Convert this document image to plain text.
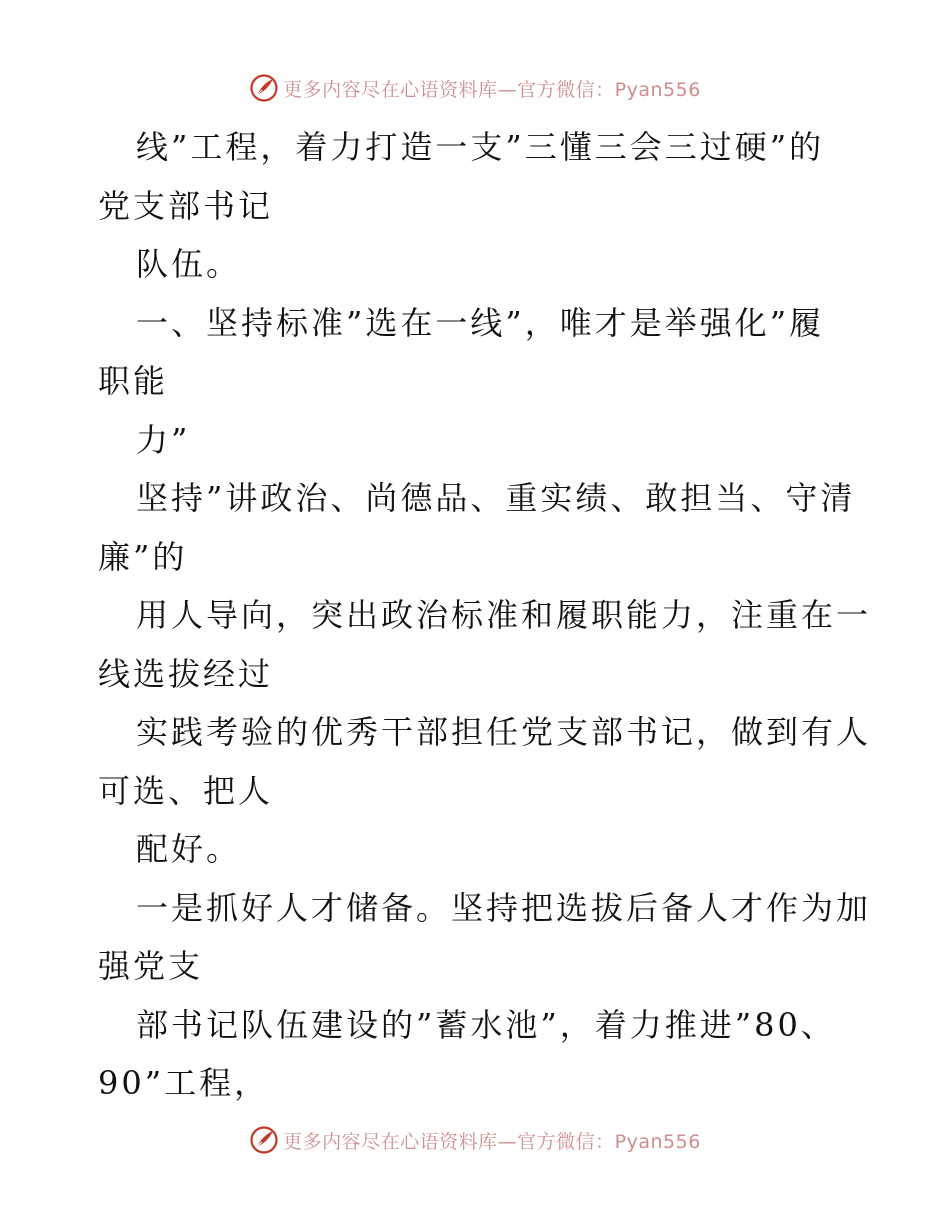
更多内容尽在心语资料库—官方微信：Pyan556
线”工程，着力打造一支”三懂三会三过硬”的
党支部书记
队伍。
一、坚持标准”选在一线”，唯才是举强化”履
职能
力”
坚持”讲政治、尚德品、重实绩、敢担当、守清
廉”的
用人导向，突出政治标准和履职能力，注重在一
线选拔经过
实践考验的优秀干部担任党支部书记，做到有人
可选、把人
配好。
一是抓好人才储备。坚持把选拔后备人才作为加
强党支
部书记队伍建设的”蓄水池”，着力推进”80、
90”工程，
更多内容尽在心语资料库—官方微信：Pyan556
